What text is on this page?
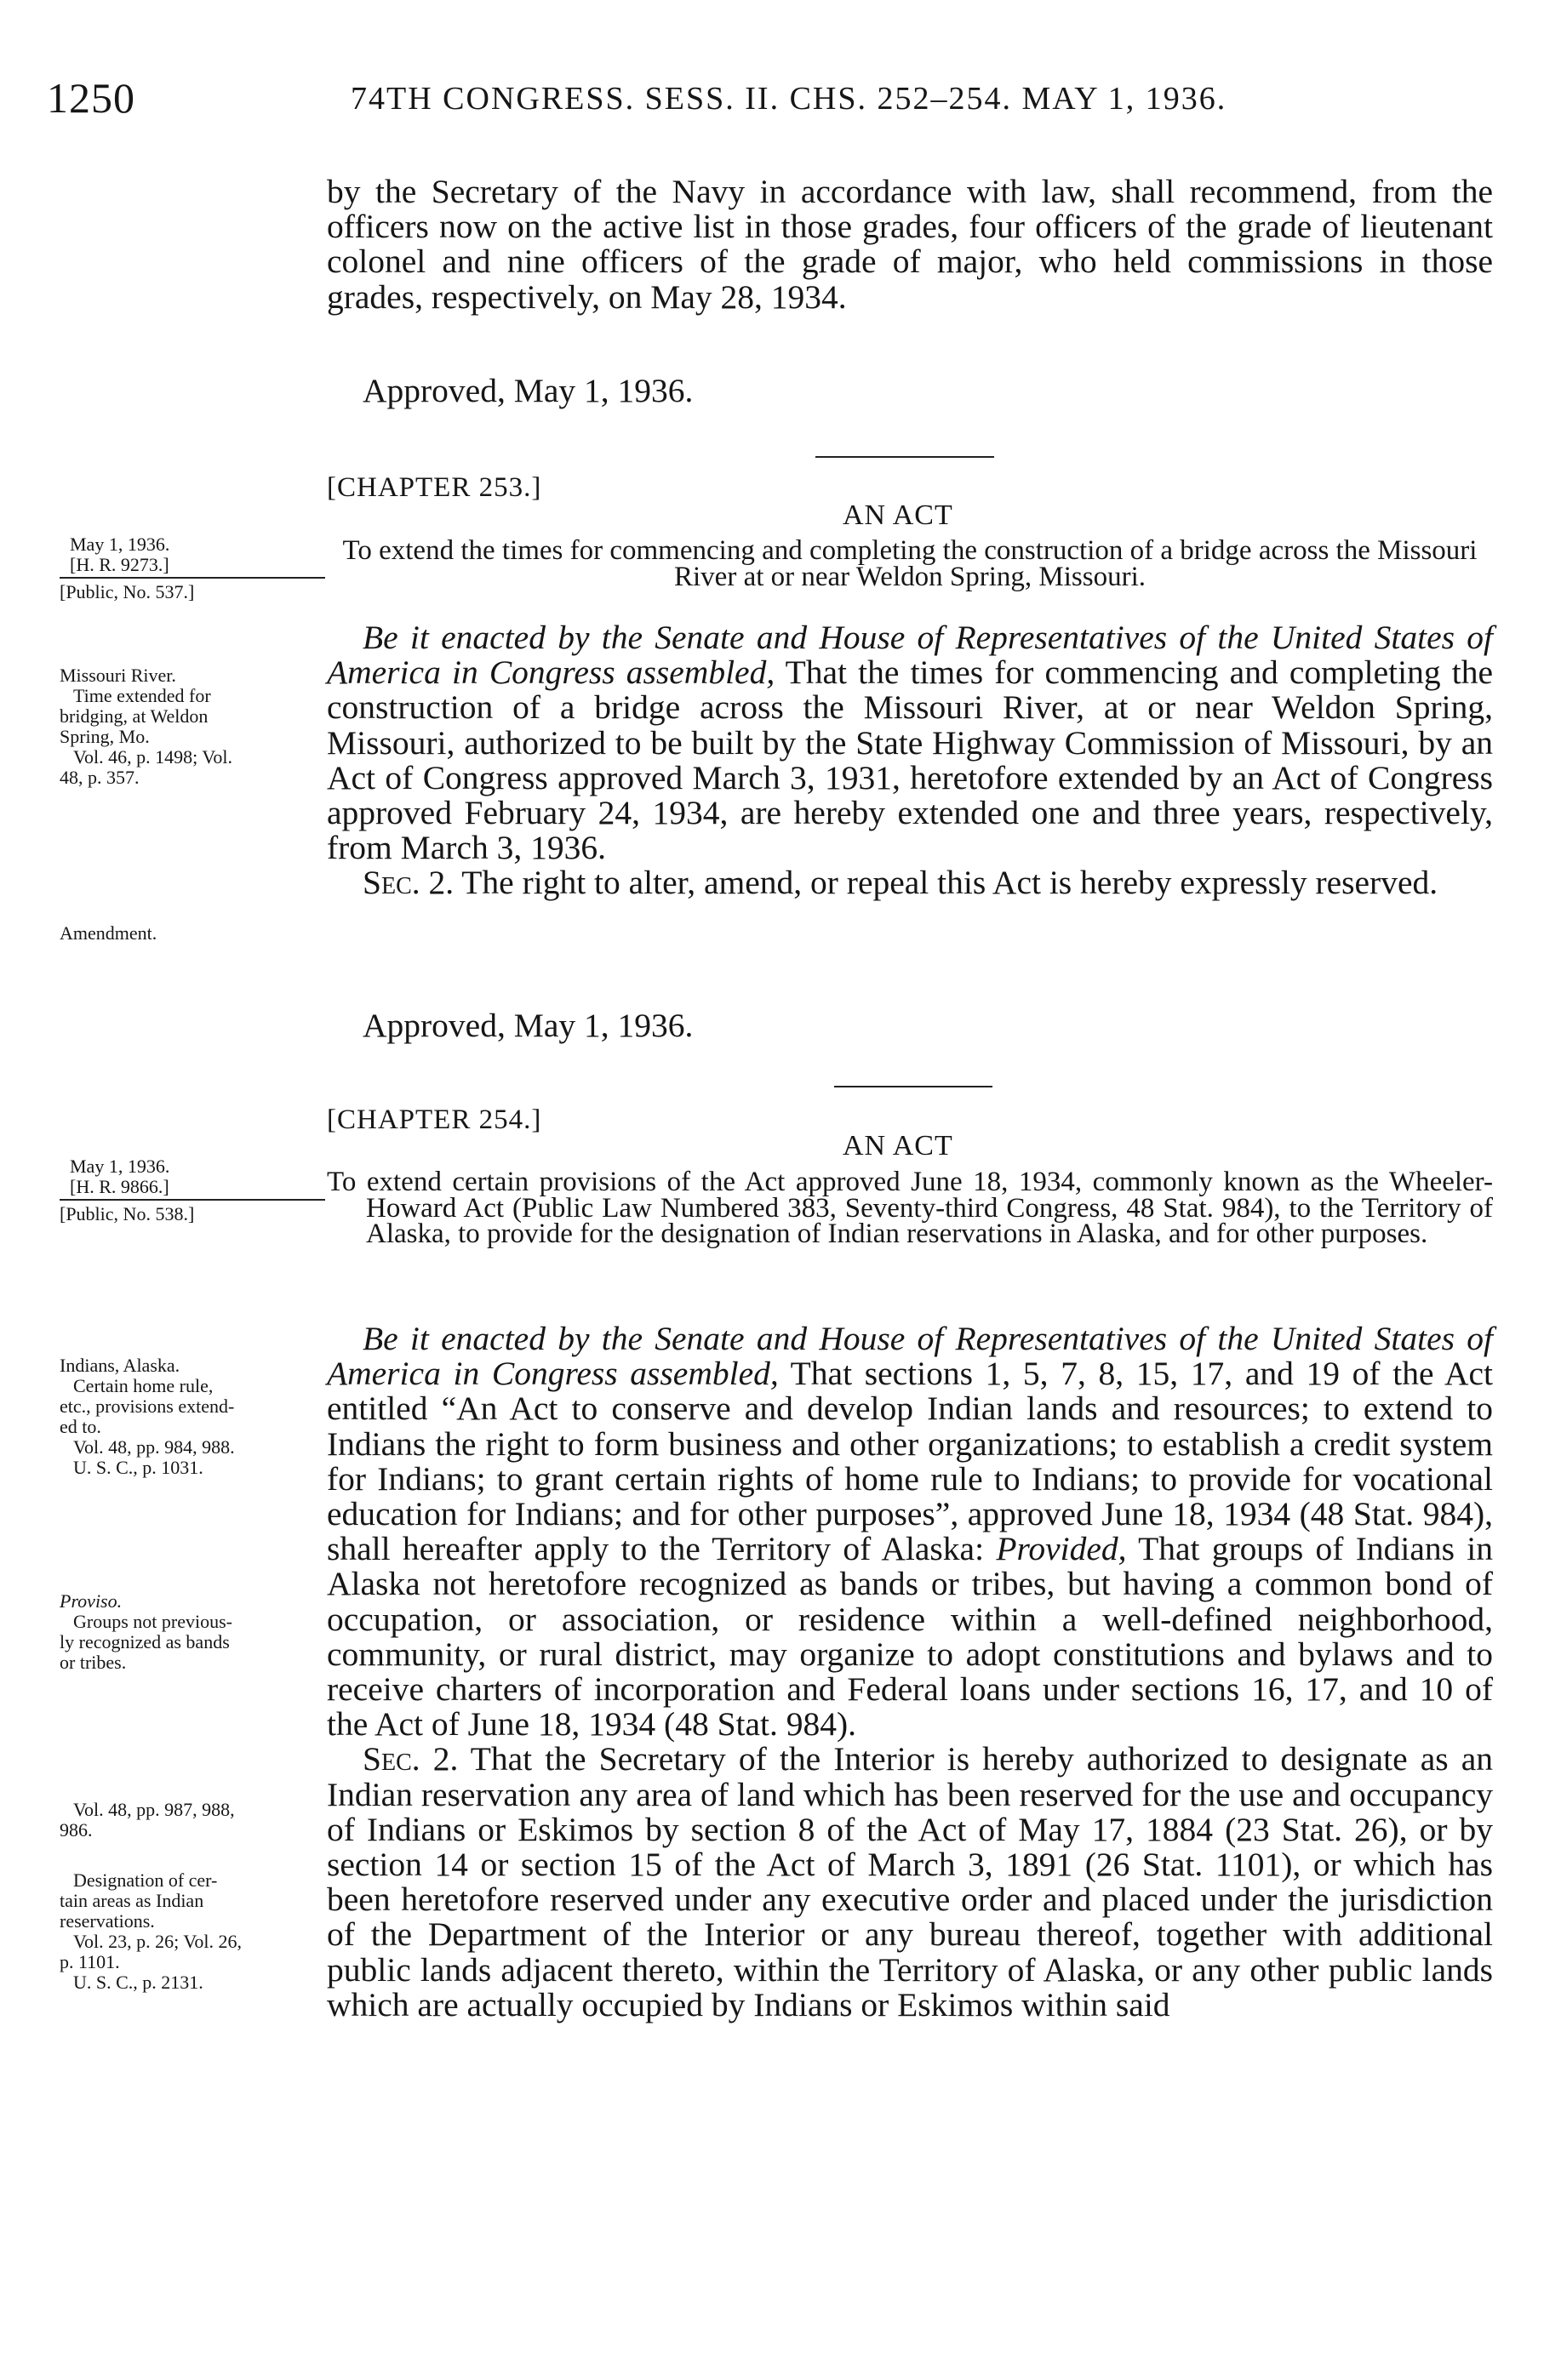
1250	74TH CONGRESS. SESS. II. CHS. 252–254. MAY 1, 1936.

by the Secretary of the Navy in accordance with law, shall recommend, from the officers now on the active list in those grades, four officers of the grade of lieutenant colonel and nine officers of the grade of major, who held commissions in those grades, respectively, on May 28, 1934.

Approved, May 1, 1936.
[CHAPTER 253.]
AN ACT

To extend the times for commencing and completing the construction of a bridge across the Missouri River at or near Weldon Spring, Missouri.

May 1, 1936.
[H. R. 9273.]
[Public, No. 537.]

Be it enacted by the Senate and House of Representatives of the United States of America in Congress assembled, That the times for commencing and completing the construction of a bridge across the Missouri River, at or near Weldon Spring, Missouri, authorized to be built by the State Highway Commission of Missouri, by an Act of Congress approved March 3, 1931, heretofore extended by an Act of Congress approved February 24, 1934, are hereby extended one and three years, respectively, from March 3, 1936.

Sec. 2. The right to alter, amend, or repeal this Act is hereby expressly reserved.

Approved, May 1, 1936.
Missouri River.
Time extended for
bridging, at Weldon
Spring, Mo.
Vol. 46, p. 1498; Vol.
48, p. 357.
Amendment.
[CHAPTER 254.]
AN ACT

To extend certain provisions of the Act approved June 18, 1934, commonly known as the Wheeler-Howard Act (Public Law Numbered 383, Seventy-third Congress, 48 Stat. 984), to the Territory of Alaska, to provide for the designation of Indian reservations in Alaska, and for other purposes.

May 1, 1936.
[H. R. 9866.]
[Public, No. 538.]

Be it enacted by the Senate and House of Representatives of the United States of America in Congress assembled, That sections 1, 5, 7, 8, 15, 17, and 19 of the Act entitled “An Act to conserve and develop Indian lands and resources; to extend to Indians the right to form business and other organizations; to establish a credit system for Indians; to grant certain rights of home rule to Indians; to provide for vocational education for Indians; and for other purposes”, approved June 18, 1934 (48 Stat. 984), shall hereafter apply to the Territory of Alaska: Provided, That groups of Indians in Alaska not heretofore recognized as bands or tribes, but having a common bond of occupation, or association, or residence within a well-defined neighborhood, community, or rural district, may organize to adopt constitutions and bylaws and to receive charters of incorporation and Federal loans under sections 16, 17, and 10 of the Act of June 18, 1934 (48 Stat. 984).

Sec. 2. That the Secretary of the Interior is hereby authorized to designate as an Indian reservation any area of land which has been reserved for the use and occupancy of Indians or Eskimos by section 8 of the Act of May 17, 1884 (23 Stat. 26), or by section 14 or section 15 of the Act of March 3, 1891 (26 Stat. 1101), or which has been heretofore reserved under any executive order and placed under the jurisdiction of the Department of the Interior or any bureau thereof, together with additional public lands adjacent thereto, within the Territory of Alaska, or any other public lands which are actually occupied by Indians or Eskimos within said

Indians, Alaska.
Certain home rule,
etc., provisions extend-
ed to.
Vol. 48, pp. 984, 988.
U. S. C., p. 1031.
Proviso.
Groups not previous-
ly recognized as bands
or tribes.
Vol. 48, pp. 987, 988,
986.
Designation of cer-
tain areas as Indian
reservations.
Vol. 23, p. 26; Vol. 26,
p. 1101.
U. S. C., p. 2131.
